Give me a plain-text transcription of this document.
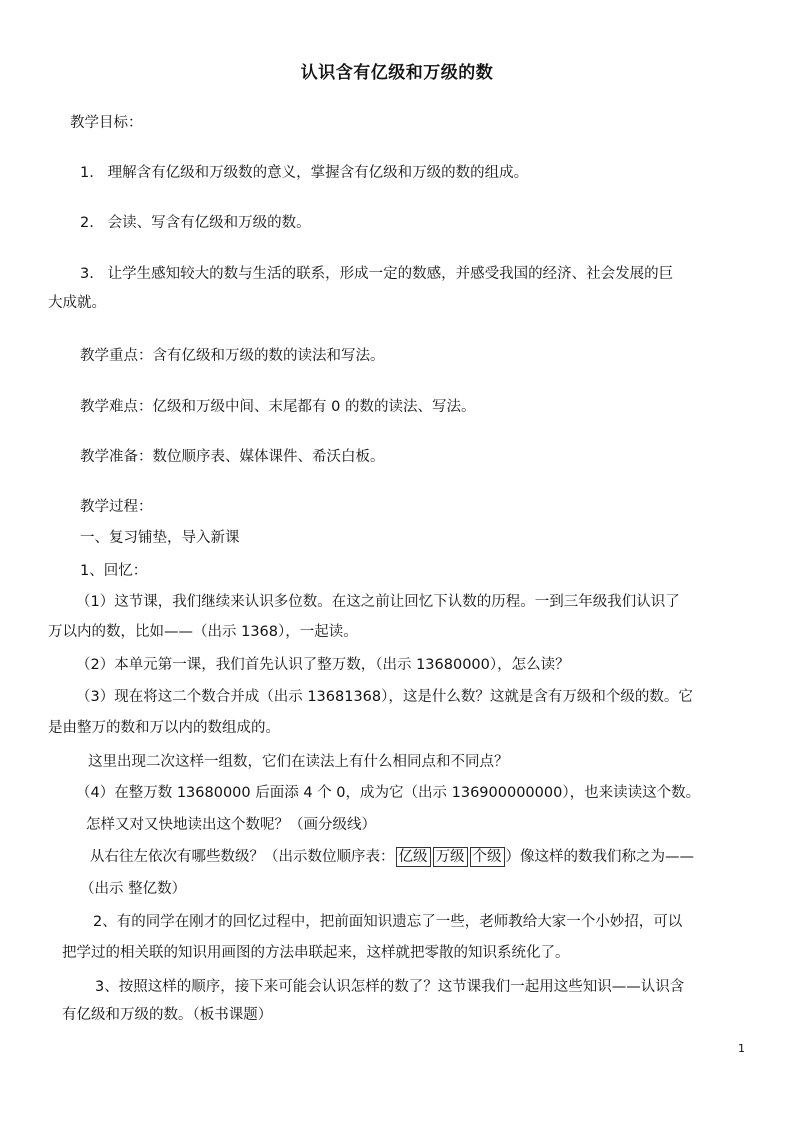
认识含有亿级和万级的数
教学目标：
1. 理解含有亿级和万级数的意义，掌握含有亿级和万级的数的组成。
2. 会读、写含有亿级和万级的数。
3. 让学生感知较大的数与生活的联系，形成一定的数感，并感受我国的经济、社会发展的巨
大成就。
教学重点：含有亿级和万级的数的读法和写法。
教学难点：亿级和万级中间、末尾都有 0 的数的读法、写法。
教学准备：数位顺序表、媒体课件、希沃白板。
教学过程：
一、复习铺垫，导入新课
1、回忆：
（1）这节课，我们继续来认识多位数。在这之前让回忆下认数的历程。一到三年级我们认识了
万以内的数，比如——（出示 1368），一起读。
（2）本单元第一课，我们首先认识了整万数，（出示 13680000），怎么读？
（3）现在将这二个数合并成（出示 13681368），这是什么数？这就是含有万级和个级的数。它
是由整万的数和万以内的数组成的。
这里出现二次这样一组数，它们在读法上有什么相同点和不同点？
（4）在整万数 13680000 后面添 4 个 0，成为它（出示 136900000000），也来读读这个数。
怎样又对又快地读出这个数呢？（画分级线）
从右往左依次有哪些数级？（出示数位顺序表： 亿级 万级 个级 ）像这样的数我们称之为——
（出示 整亿数）
2、有的同学在刚才的回忆过程中，把前面知识遗忘了一些，老师教给大家一个小妙招，可以
把学过的相关联的知识用画图的方法串联起来，这样就把零散的知识系统化了。
3、按照这样的顺序，接下来可能会认识怎样的数了？这节课我们一起用这些知识——认识含
有亿级和万级的数。（板书课题）
1
